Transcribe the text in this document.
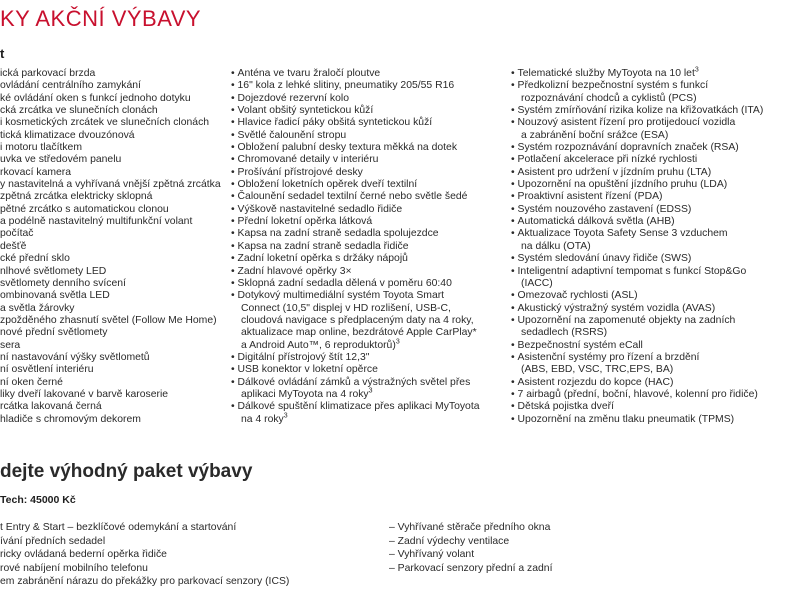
KY AKČNÍ VÝBAVY
t
ická parkovací brzda
ovládání centrálního zamykání
ké ovládání oken s funkcí jednoho dotyku
cká zrcátka ve slunečních clonách
i kosmetických zrcátek ve slunečních clonách
tická klimatizace dvouzónová
i motoru tlačítkem
uvka ve středovém panelu
rkovací kamera
y nastavitelná a vyhřívaná vnější zpětná zrcátka
zpětná zrcátka elektricky sklopná
pětné zrcátko s automatickou clonou
a podélně nastavitelný multifunkční volant
počítač
dešťě
cké přední sklo
nlhové světlomety LED
světlomety denního svícení
ombinovaná světla LED
a světla žárovky
zpožděného zhasnutí světel (Follow Me Home)
nové přední světlomety
sera
ní nastavování výšky světlometů
ní osvětlení interiéru
ní oken černé
liky dveří lakované v barvě karoserie
rcátka lakovaná černá
hladiče s chromovým dekorem
• Anténa ve tvaru žraločí ploutve
• 16" kola z lehké slitiny, pneumatiky 205/55 R16
• Dojezdové rezervní kolo
• Volant obšitý syntetickou kůží
• Hlavice řadicí páky obšitá syntetickou kůží
• Světlé čalounění stropu
• Obložení palubní desky textura měkká na dotek
• Chromované detaily v interiéru
• Prošívání přístrojové desky
• Obložení loketních opěrek dveří textilní
• Čalounění sedadel textilní černé nebo světle šedé
• Výškově nastavitelné sedadlo řidiče
• Přední loketní opěrka látková
• Kapsa na zadní straně sedadla spolujezdce
• Kapsa na zadní straně sedadla řidiče
• Zadní loketní opěrka s držáky nápojů
• Zadní hlavové opěrky 3×
• Sklopná zadní sedadla dělená v poměru 60:40
• Dotykový multimediální systém Toyota Smart
Connect (10,5" displej v HD rozlišení, USB-C,
cloudová navigace s předplaceným daty na 4 roky,
aktualizace map online, bezdrátové Apple CarPlay*
a Android Auto™, 6 reproduktorů)$^3$
• Digitální přístrojový štít 12,3"
• USB konektor v loketní opěrce
• Dálkové ovládání zámků a výstražných světel přes
aplikaci MyToyota na 4 roky$^3$
• Dálkové spuštění klimatizace přes aplikaci MyToyota
na 4 roky$^3$
• Telematické služby MyToyota na 10 let$^3$
• Předkolizní bezpečnostní systém s funkcí
rozpoznávání chodců a cyklistů (PCS)
• Systém zmírňování rizika kolize na křižovatkách (ITA)
• Nouzový asistent řízení pro protijedoucí vozidla
a zabránění boční srážce (ESA)
• Systém rozpoznávání dopravních značek (RSA)
• Potlačení akcelerace při nízké rychlosti
• Asistent pro udržení v jízdním pruhu (LTA)
• Upozornění na opuštění jízdního pruhu (LDA)
• Proaktivní asistent řízení (PDA)
• Systém nouzového zastavení (EDSS)
• Automatická dálková světla (AHB)
• Aktualizace Toyota Safety Sense 3 vzduchem
na dálku (OTA)
• Systém sledování únavy řidiče (SWS)
• Inteligentní adaptivní tempomat s funkcí Stop&Go
(IACC)
• Omezovač rychlosti (ASL)
• Akustický výstražný systém vozidla (AVAS)
• Upozornění na zapomenuté objekty na zadních
sedadlech (RSRS)
• Bezpečnostní systém eCall
• Asistenční systémy pro řízení a brzdění
(ABS, EBD, VSC, TRC,EPS, BA)
• Asistent rozjezdu do kopce (HAC)
• 7 airbagů (přední, boční, hlavové, kolenní pro řidiče)
• Dětská pojistka dveří
• Upozornění na změnu tlaku pneumatik (TPMS)
dejte výhodný paket výbavy
Tech: 45000 Kč
t Entry & Start – bezklíčové odemykání a startování
ívání předních sedadel
ricky ovládaná bederní opěrka řidiče
rové nabíjení mobilního telefonu
em zabránění nárazu do překážky pro parkovací senzory (ICS)
– Vyhřívané stěrače předního okna
– Zadní výdechy ventilace
– Vyhřívaný volant
– Parkovací senzory přední a zadní
